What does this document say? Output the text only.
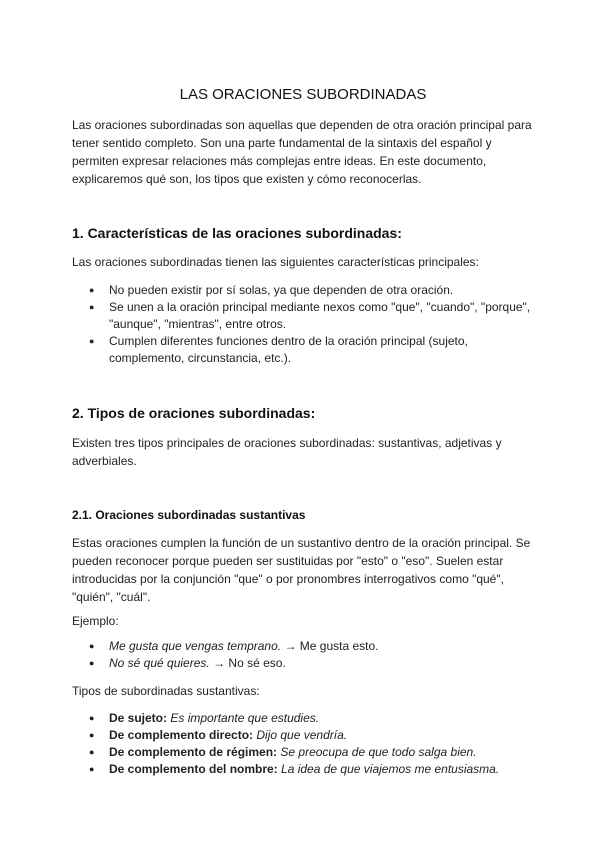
LAS ORACIONES SUBORDINADAS

Las oraciones subordinadas son aquellas que dependen de otra oración principal para tener sentido completo. Son una parte fundamental de la sintaxis del español y permiten expresar relaciones más complejas entre ideas. En este documento, explicaremos qué son, los tipos que existen y cómo reconocerlas.

1. Características de las oraciones subordinadas:

Las oraciones subordinadas tienen las siguientes características principales:

● No pueden existir por sí solas, ya que dependen de otra oración.
● Se unen a la oración principal mediante nexos como "que", "cuando", "porque", "aunque", "mientras", entre otros.
● Cumplen diferentes funciones dentro de la oración principal (sujeto, complemento, circunstancia, etc.).
2. Tipos de oraciones subordinadas:

Existen tres tipos principales de oraciones subordinadas: sustantivas, adjetivas y adverbiales.

2.1. Oraciones subordinadas sustantivas

Estas oraciones cumplen la función de un sustantivo dentro de la oración principal. Se pueden reconocer porque pueden ser sustituidas por "esto" o "eso". Suelen estar introducidas por la conjunción "que" o por pronombres interrogativos como "qué", "quién", "cuál".

Ejemplo:

● Me gusta que vengas temprano. → Me gusta esto.
● No sé qué quieres. → No sé eso.

Tipos de subordinadas sustantivas:

● De sujeto: Es importante que estudies.
● De complemento directo: Dijo que vendría.
● De complemento de régimen: Se preocupa de que todo salga bien.
● De complemento del nombre: La idea de que viajemos me entusiasma.
